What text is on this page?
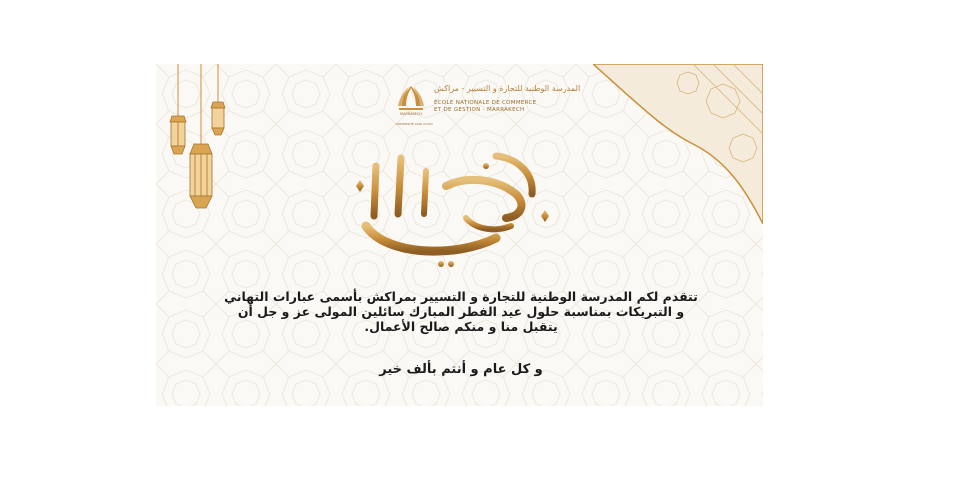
MARRAKECH
المدرسة الوطنية للتجارة و التسيير - مراكش
ÉCOLE NATIONALE DE COMMERCE
ET DE GESTION - MARRAKECH
UNIVERSITÉ CADI AYYAD
تتقدم لكم المدرسة الوطنية للتجارة و التسيير بمراكش بأسمى عبارات التهاني و التبريكات بمناسبة حلول عيد الفطر المبارك سائلين المولى عز و جل أن يتقبل منا و منكم صالح الأعمال.
و كل عام و أنتم بألف خير
